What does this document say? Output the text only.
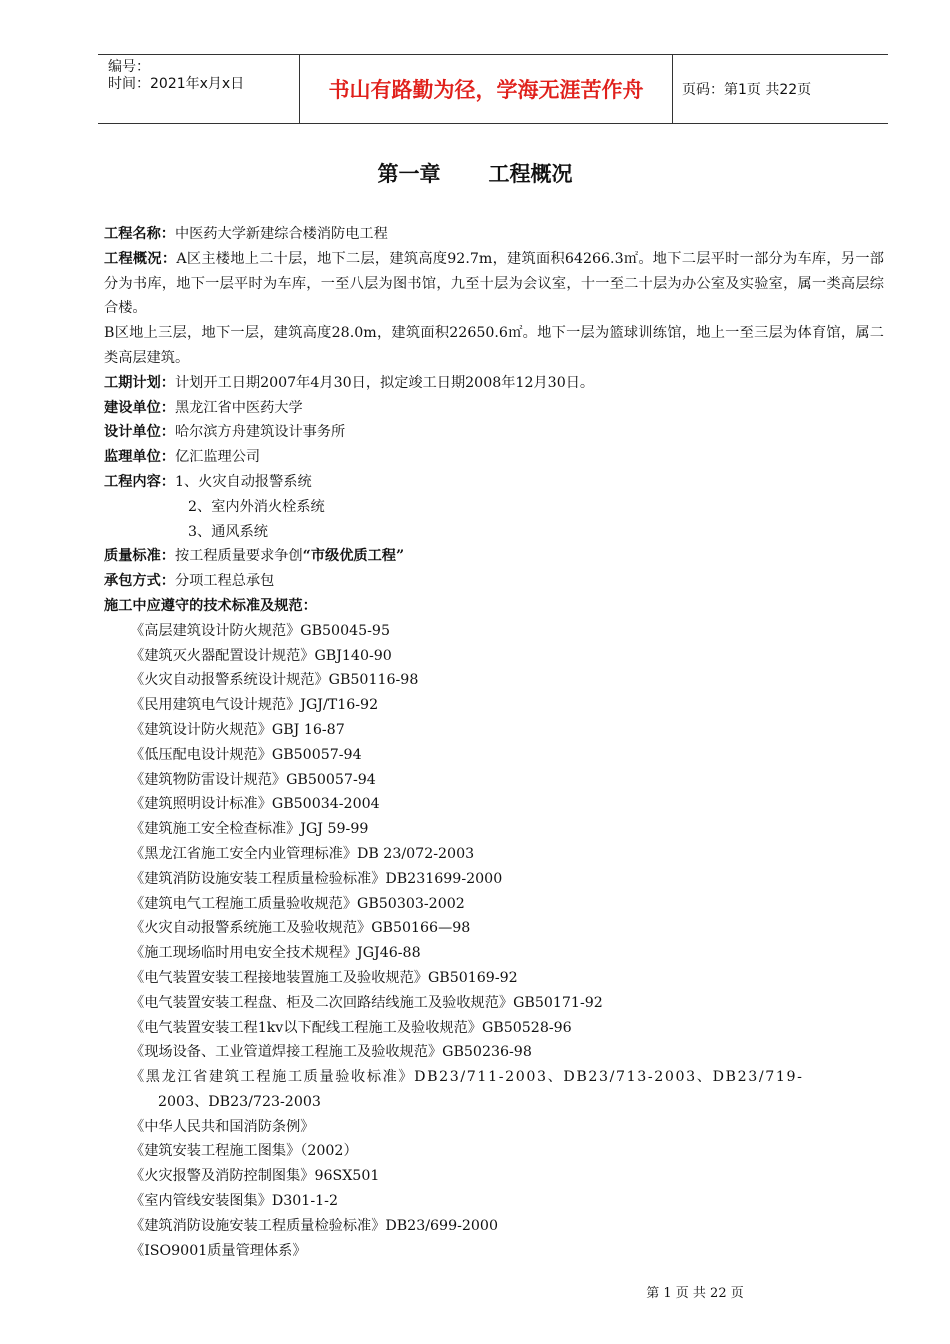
编号：
时间：2021年x月x日	书山有路勤为径，学海无涯苦作舟	页码：第1页 共22页
第一章 工程概况
工程名称：中医药大学新建综合楼消防电工程
工程概况：A区主楼地上二十层，地下二层，建筑高度92.7m，建筑面积64266.3㎡。地下二层平时一部分为车库，另一部分为书库，地下一层平时为车库，一至八层为图书馆，九至十层为会议室，十一至二十层为办公室及实验室，属一类高层综合楼。
B区地上三层，地下一层，建筑高度28.0m，建筑面积22650.6㎡。地下一层为篮球训练馆，地上一至三层为体育馆，属二类高层建筑。
工期计划：计划开工日期2007年4月30日，拟定竣工日期2008年12月30日。
建设单位：黑龙江省中医药大学
设计单位：哈尔滨方舟建筑设计事务所
监理单位：亿汇监理公司
工程内容：1、火灾自动报警系统
2、室内外消火栓系统
3、通风系统
质量标准：按工程质量要求争创“市级优质工程”
承包方式：分项工程总承包
施工中应遵守的技术标准及规范：
《高层建筑设计防火规范》GB50045-95
《建筑灭火器配置设计规范》GBJ140-90
《火灾自动报警系统设计规范》GB50116-98
《民用建筑电气设计规范》JGJ/T16-92
《建筑设计防火规范》GBJ 16-87
《低压配电设计规范》GB50057-94
《建筑物防雷设计规范》GB50057-94
《建筑照明设计标准》GB50034-2004
《建筑施工安全检查标准》JGJ 59-99
《黑龙江省施工安全内业管理标准》DB 23/072-2003
《建筑消防设施安装工程质量检验标准》DB231699-2000
《建筑电气工程施工质量验收规范》GB50303-2002
《火灾自动报警系统施工及验收规范》GB50166—98
《施工现场临时用电安全技术规程》JGJ46-88
《电气装置安装工程接地装置施工及验收规范》GB50169-92
《电气装置安装工程盘、柜及二次回路结线施工及验收规范》GB50171-92
《电气装置安装工程1kv以下配线工程施工及验收规范》GB50528-96
《现场设备、工业管道焊接工程施工及验收规范》GB50236-98
《黑龙江省建筑工程施工质量验收标准》DB23/711-2003、DB23/713-2003、DB23/719-
2003、DB23/723-2003
《中华人民共和国消防条例》
《建筑安装工程施工图集》（2002）
《火灾报警及消防控制图集》96SX501
《室内管线安装图集》D301-1-2
《建筑消防设施安装工程质量检验标准》DB23/699-2000
《ISO9001质量管理体系》
第 1 页 共 22 页
